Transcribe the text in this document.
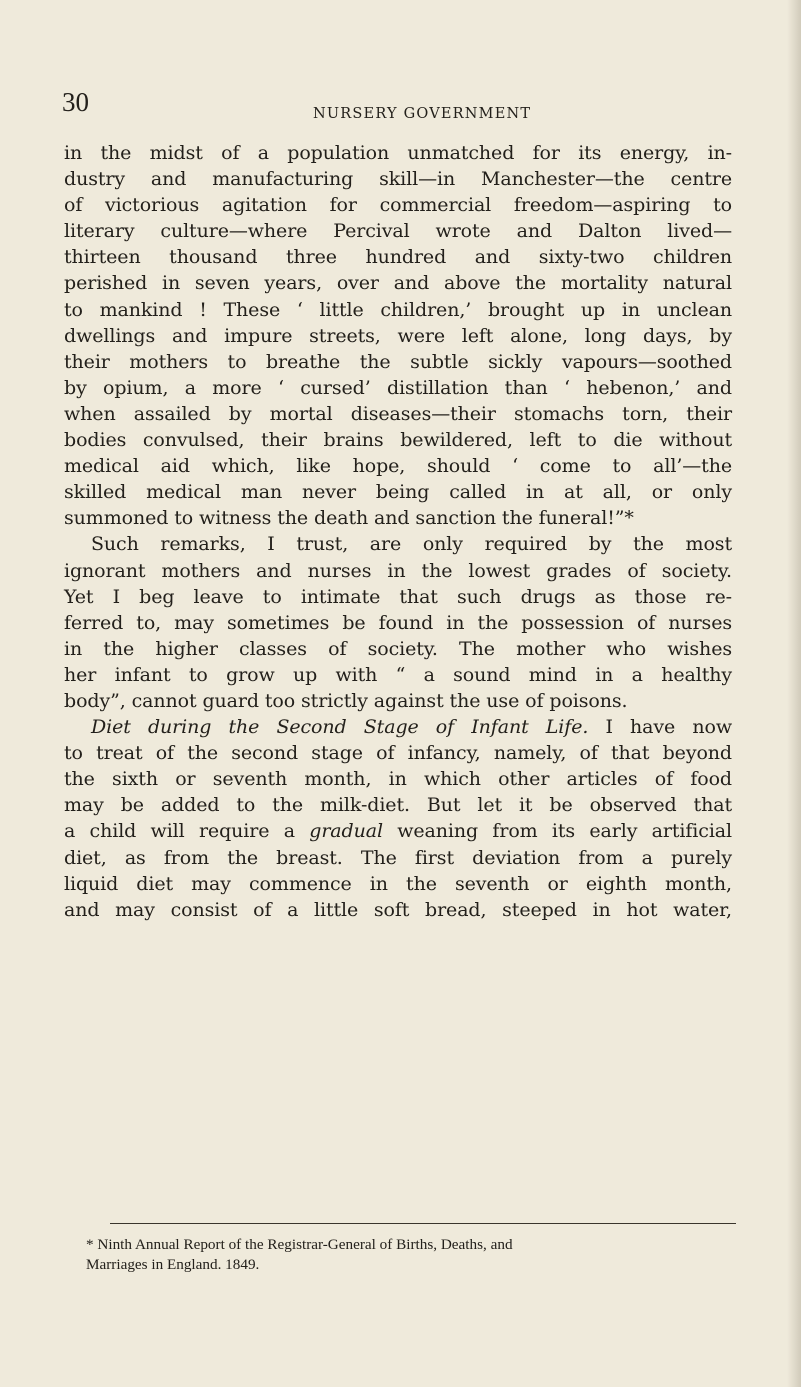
30	NURSERY GOVERNMENT
in the midst of a population unmatched for its energy, in-
dustry and manufacturing skill—in Manchester—the centre
of victorious agitation for commercial freedom—aspiring to
literary culture—where Percival wrote and Dalton lived—
thirteen thousand three hundred and sixty-two children
perished in seven years, over and above the mortality natural
to mankind ! These ‘ little children,’ brought up in unclean
dwellings and impure streets, were left alone, long days, by
their mothers to breathe the subtle sickly vapours—soothed
by opium, a more ‘ cursed’ distillation than ‘ hebenon,’ and
when assailed by mortal diseases—their stomachs torn, their
bodies convulsed, their brains bewildered, left to die without
medical aid which, like hope, should ‘ come to all’—the
skilled medical man never being called in at all, or only
summoned to witness the death and sanction the funeral!”*
Such remarks, I trust, are only required by the most
ignorant mothers and nurses in the lowest grades of society.
Yet I beg leave to intimate that such drugs as those re-
ferred to, may sometimes be found in the possession of nurses
in the higher classes of society. The mother who wishes
her infant to grow up with “ a sound mind in a healthy
body”, cannot guard too strictly against the use of poisons.
Diet during the Second Stage of Infant Life. I have now
to treat of the second stage of infancy, namely, of that beyond
the sixth or seventh month, in which other articles of food
may be added to the milk-diet. But let it be observed that
a child will require a gradual weaning from its early artificial
diet, as from the breast. The first deviation from a purely
liquid diet may commence in the seventh or eighth month,
and may consist of a little soft bread, steeped in hot water,
* Ninth Annual Report of the Registrar-General of Births, Deaths, and
Marriages in England. 1849.
